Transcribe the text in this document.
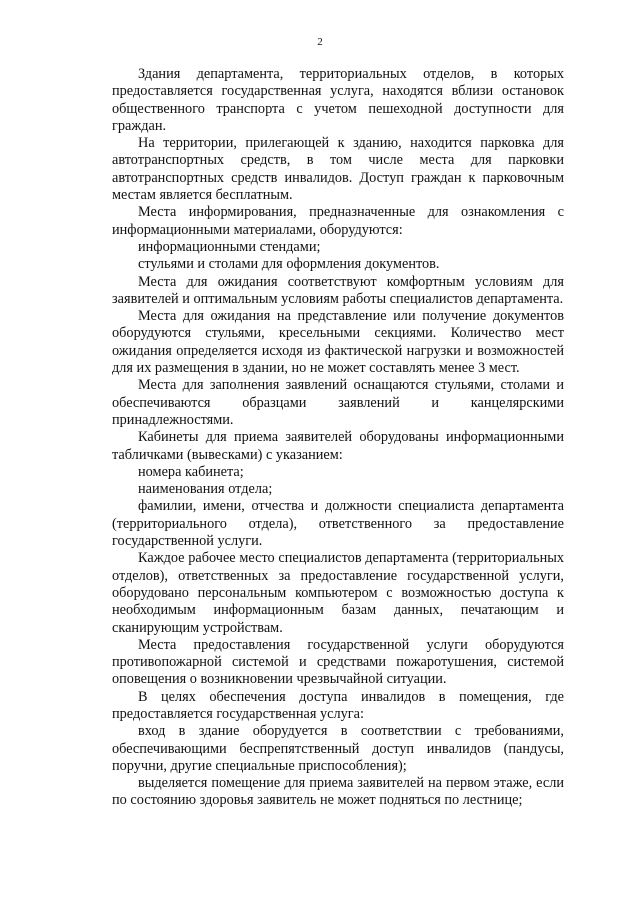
2

Здания департамента, территориальных отделов, в которых предоставляется государственная услуга, находятся вблизи остановок общественного транспорта с учетом пешеходной доступности для граждан.

На территории, прилегающей к зданию, находится парковка для автотранспортных средств, в том числе места для парковки автотранспортных средств инвалидов. Доступ граждан к парковочным местам является бесплатным.

Места информирования, предназначенные для ознакомления с информационными материалами, оборудуются:

информационными стендами;

стульями и столами для оформления документов.

Места для ожидания соответствуют комфортным условиям для заявителей и оптимальным условиям работы специалистов департамента.

Места для ожидания на представление или получение документов оборудуются стульями, кресельными секциями. Количество мест ожидания определяется исходя из фактической нагрузки и возможностей для их размещения в здании, но не может составлять менее 3 мест.

Места для заполнения заявлений оснащаются стульями, столами и обеспечиваются образцами заявлений и канцелярскими принадлежностями.

Кабинеты для приема заявителей оборудованы информационными табличками (вывесками) с указанием:

номера кабинета;

наименования отдела;

фамилии, имени, отчества и должности специалиста департамента (территориального отдела), ответственного за предоставление государственной услуги.

Каждое рабочее место специалистов департамента (территориальных отделов), ответственных за предоставление государственной услуги, оборудовано персональным компьютером с возможностью доступа к необходимым информационным базам данных, печатающим и сканирующим устройствам.

Места предоставления государственной услуги оборудуются противопожарной системой и средствами пожаротушения, системой оповещения о возникновении чрезвычайной ситуации.

В целях обеспечения доступа инвалидов в помещения, где предоставляется государственная услуга:

вход в здание оборудуется в соответствии с требованиями, обеспечивающими беспрепятственный доступ инвалидов (пандусы, поручни, другие специальные приспособления);

выделяется помещение для приема заявителей на первом этаже, если по состоянию здоровья заявитель не может подняться по лестнице;
